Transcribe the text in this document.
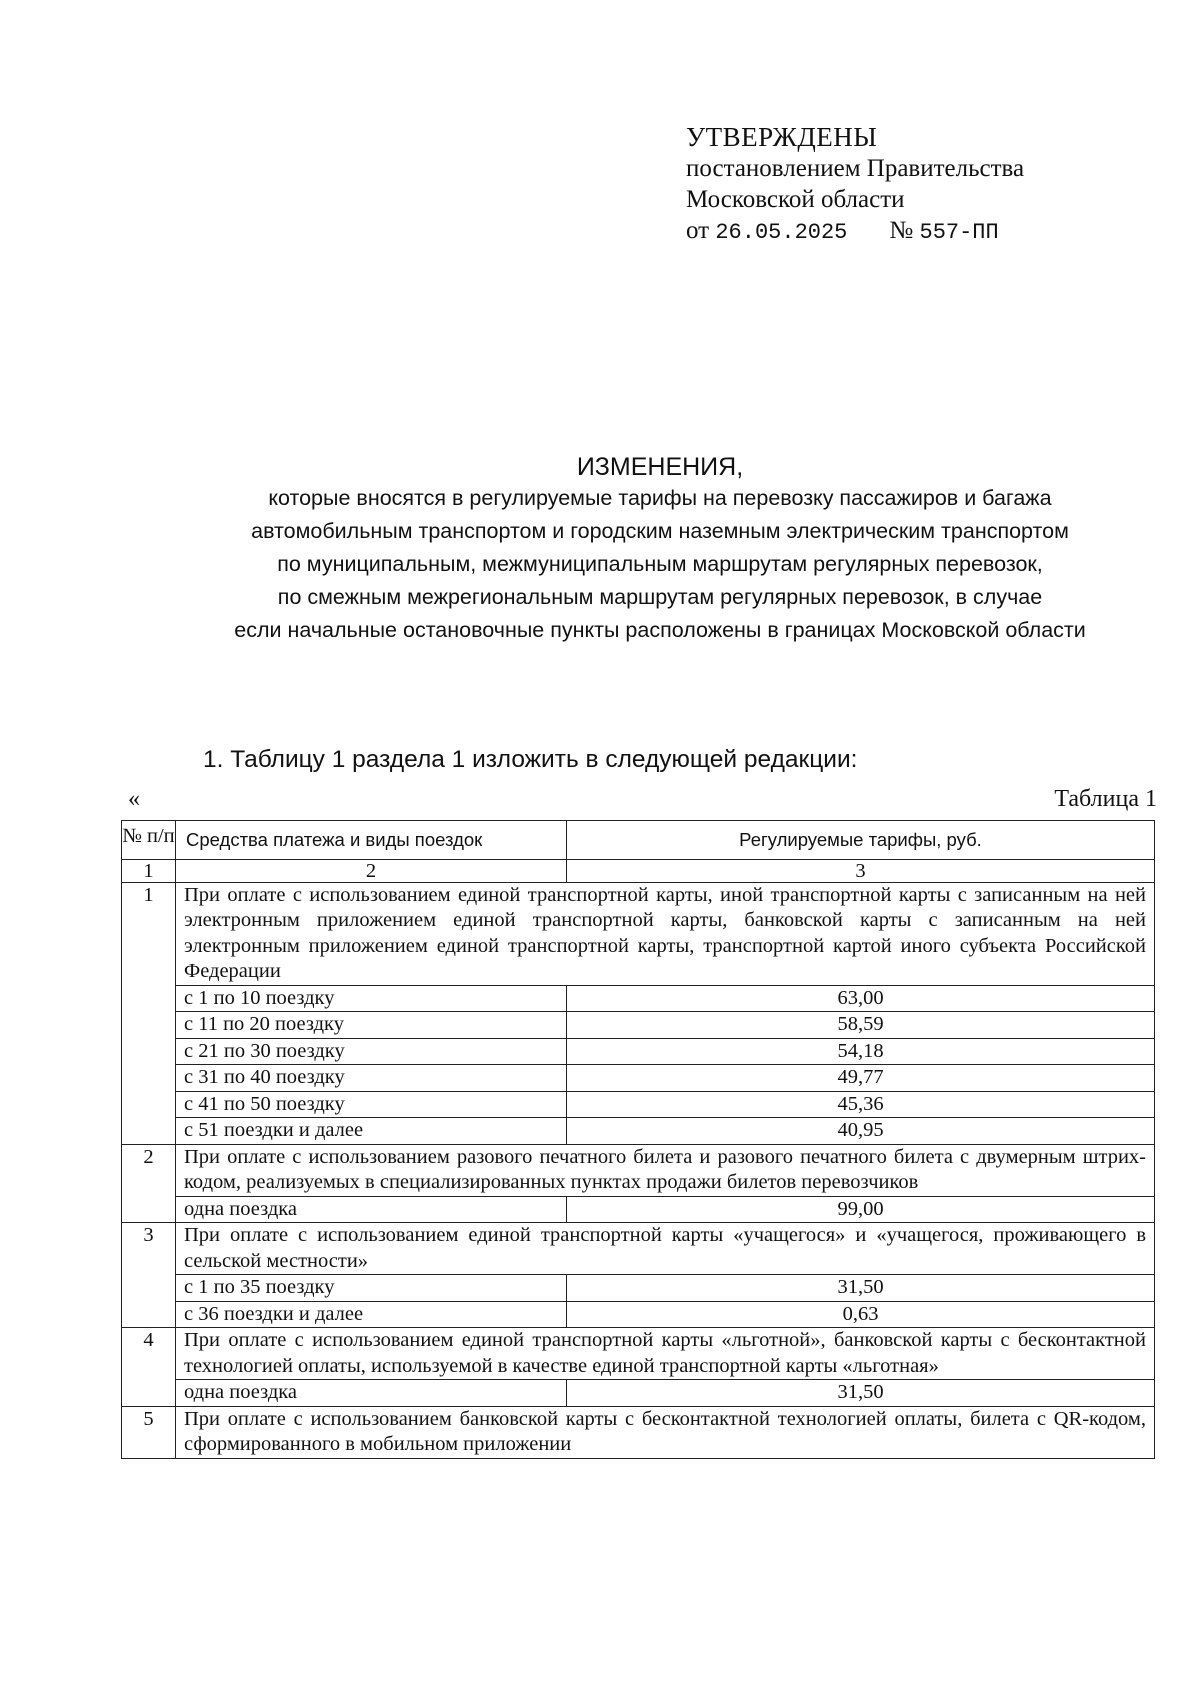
УТВЕРЖДЕНЫ
постановлением Правительства
Московской области
от 26.05.2025 № 557-ПП
ИЗМЕНЕНИЯ,
которые вносятся в регулируемые тарифы на перевозку пассажиров и багажа
автомобильным транспортом и городским наземным электрическим транспортом
по муниципальным, межмуниципальным маршрутам регулярных перевозок,
по смежным межрегиональным маршрутам регулярных перевозок, в случае
если начальные остановочные пункты расположены в границах Московской области
1. Таблицу 1 раздела 1 изложить в следующей редакции:
«	Таблица 1
№ п/п	Средства платежа и виды поездок	Регулируемые тарифы, руб.
1	2	3
1	При оплате с использованием единой транспортной карты, иной транспортной карты с записанным на ней электронным приложением единой транспортной карты, банковской карты с записанным на ней электронным приложением единой транспортной карты, транспортной картой иного субъекта Российской Федерации	
	с 1 по 10 поездку	63,00
	с 11 по 20 поездку	58,59
	с 21 по 30 поездку	54,18
	с 31 по 40 поездку	49,77
	с 41 по 50 поездку	45,36
	с 51 поездки и далее	40,95
2	При оплате с использованием разового печатного билета и разового печатного билета с двумерным штрих-кодом, реализуемых в специализированных пунктах продажи билетов перевозчиков	
	одна поездка	99,00
3	При оплате с использованием единой транспортной карты «учащегося» и «учащегося, проживающего в сельской местности»	
	с 1 по 35 поездку	31,50
	с 36 поездки и далее	0,63
4	При оплате с использованием единой транспортной карты «льготной», банковской карты с бесконтактной технологией оплаты, используемой в качестве единой транспортной карты «льготная»	
	одна поездка	31,50
5	При оплате с использованием банковской карты с бесконтактной технологией оплаты, билета с QR-кодом, сформированного в мобильном приложении	
